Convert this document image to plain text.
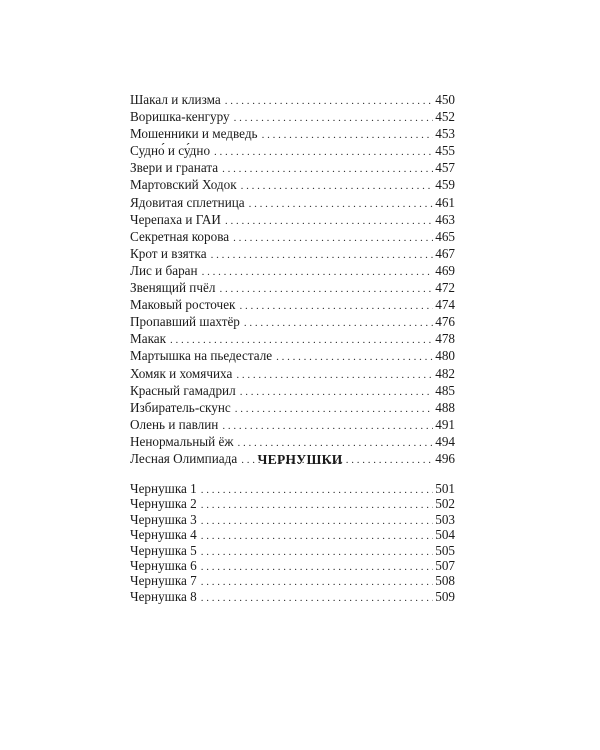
Шакал и клизма . . .	450
Воришка-кенгуру . . .	452
Мошенники и медведь . . .	453
Судно́ и су́дно . . .	455
Звери и граната . . .	457
Мартовский Ходок . . .	459
Ядовитая сплетница . . .	461
Черепаха и ГАИ . . .	463
Секретная корова . . .	465
Крот и взятка . . .	467
Лис и баран . . .	469
Звенящий пчёл . . .	472
Маковый росточек . . .	474
Пропавший шахтёр . . .	476
Макак . . .	478
Мартышка на пьедестале . . .	480
Хомяк и хомячиха . . .	482
Красный гамадрил . . .	485
Избиратель-скунс . . .	488
Олень и павлин . . .	491
Ненормальный ёж . . .	494
Лесная Олимпиада . . .	496
ЧЕРНУШКИ
Чернушка 1 . . .	501
Чернушка 2 . . .	502
Чернушка 3 . . .	503
Чернушка 4 . . .	504
Чернушка 5 . . .	505
Чернушка 6 . . .	507
Чернушка 7 . . .	508
Чернушка 8 . . .	509
